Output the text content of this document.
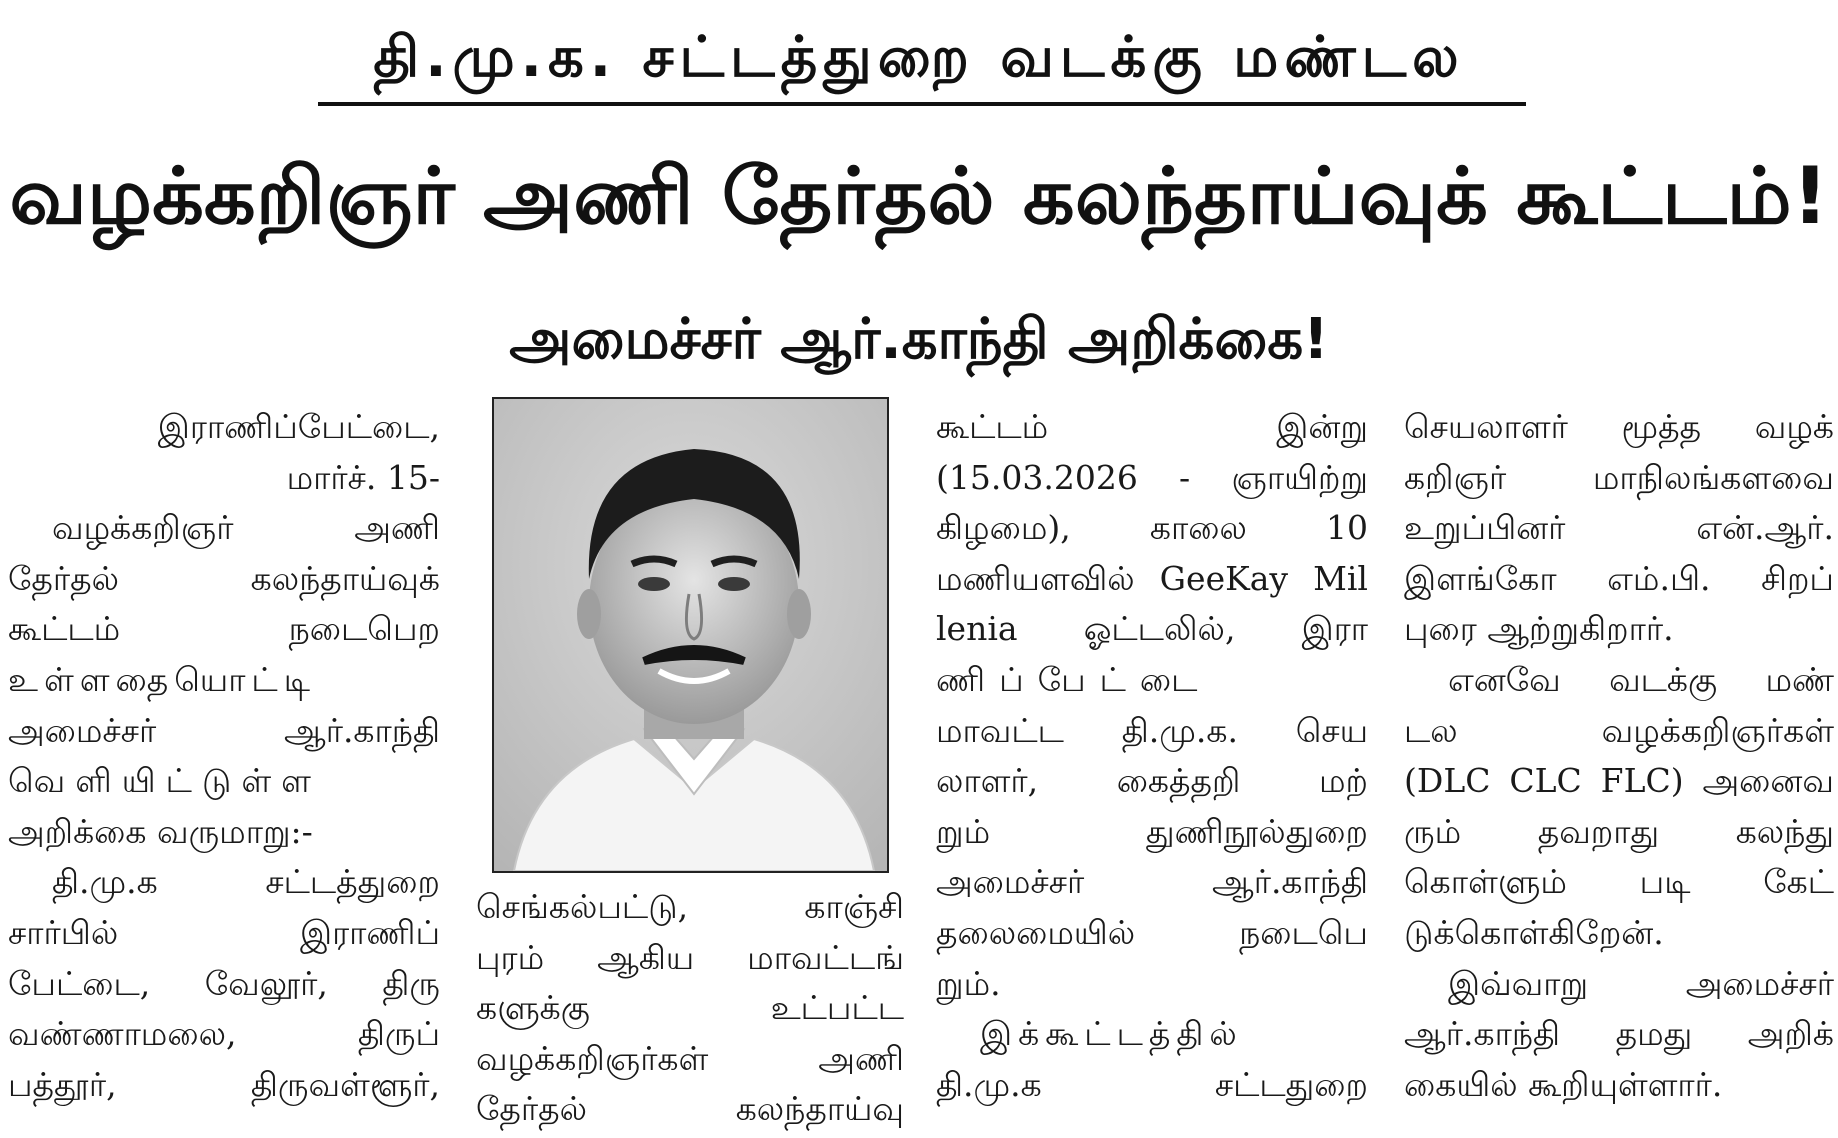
தி.மு.க. சட்டத்துறை வடக்கு மண்டல
வழக்கறிஞர் அணி தேர்தல் கலந்தாய்வுக் கூட்டம்!
அமைச்சர் ஆர்.காந்தி அறிக்கை!
இராணிப்பேட்டை,
மார்ச். 15-
வழக்கறிஞர் அணி
தேர்தல் கலந்தாய்வுக்
கூட்டம் நடைபெற
உள்ளதையொட்டி
அமைச்சர் ஆர்.காந்தி
வெளியிட்டுள்ள
அறிக்கை வருமாறு:-
தி.மு.க சட்டத்துறை
சார்பில் இராணிப்
பேட்டை, வேலூர், திரு
வண்ணாமலை, திருப்
பத்தூர், திருவள்ளூர்,
செங்கல்பட்டு, காஞ்சி
புரம் ஆகிய மாவட்டங்
களுக்கு உட்பட்ட
வழக்கறிஞர்கள் அணி
தேர்தல் கலந்தாய்வு
கூட்டம் இன்று
(15.03.2026 - ஞாயிற்று
கிழமை), காலை 10
மணியளவில் GeeKay Mil
lenia ஓட்டலில், இரா
ணிப்பேட்டை
மாவட்ட தி.மு.க. செய
லாளர், கைத்தறி மற்
றும் துணிநூல்துறை
அமைச்சர் ஆர்.காந்தி
தலைமையில் நடைபெ
றும்.
இக்கூட்டத்தில்
தி.மு.க சட்டதுறை
செயலாளர் மூத்த வழக்
கறிஞர் மாநிலங்களவை
உறுப்பினர் என்.ஆர்.
இளங்கோ எம்.பி. சிறப்
புரை ஆற்றுகிறார்.
எனவே வடக்கு மண்
டல வழக்கறிஞர்கள்
(DLC CLC FLC) அனைவ
ரும் தவறாது கலந்து
கொள்ளும் படி கேட்
டுக்கொள்கிறேன்.
இவ்வாறு அமைச்சர்
ஆர்.காந்தி தமது அறிக்
கையில் கூறியுள்ளார்.
